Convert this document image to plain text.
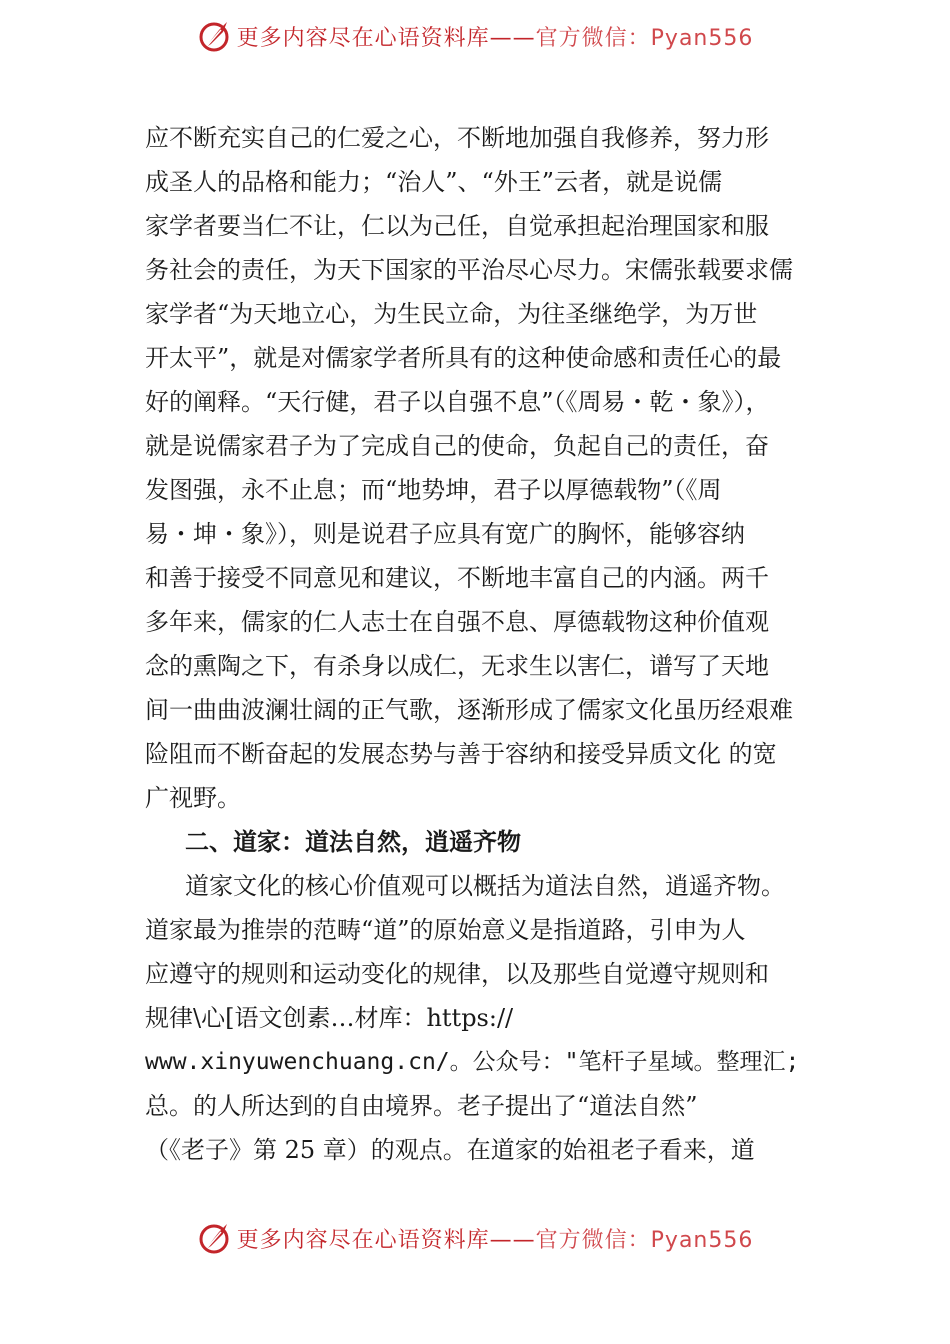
更多内容尽在心语资料库——官方微信：Pyan556
应不断充实自己的仁爱之心，不断地加强自我修养，努力形
成圣人的品格和能力；“治人”、“外王”云者，就是说儒
家学者要当仁不让，仁以为己任，自觉承担起治理国家和服
务社会的责任，为天下国家的平治尽心尽力。宋儒张载要求儒
家学者“为天地立心，为生民立命，为往圣继绝学，为万世
开太平”，就是对儒家学者所具有的这种使命感和责任心的最
好的阐释。“天行健，君子以自强不息”（《周易・乾・象》），
就是说儒家君子为了完成自己的使命，负起自己的责任，奋
发图强，永不止息；而“地势坤，君子以厚德载物”（《周
易・坤・象》），则是说君子应具有宽广的胸怀，能够容纳
和善于接受不同意见和建议，不断地丰富自己的内涵。两千
多年来，儒家的仁人志士在自强不息、厚德载物这种价值观
念的熏陶之下，有杀身以成仁，无求生以害仁，谱写了天地
间一曲曲波澜壮阔的正气歌，逐渐形成了儒家文化虽历经艰难
险阻而不断奋起的发展态势与善于容纳和接受异质文化 的宽
广视野。
二、道家：道法自然，逍遥齐物
道家文化的核心价值观可以概括为道法自然，逍遥齐物。
道家最为推崇的范畴“道”的原始意义是指道路，引申为人
应遵守的规则和运动变化的规律，以及那些自觉遵守规则和
规律\心[语文创素…材库：https://
www.xinyuwenchuang.cn/。公众号："笔杆子星域。整理汇;
总。的人所达到的自由境界。老子提出了“道法自然”
（《老子》第 25 章）的观点。在道家的始祖老子看来，道
更多内容尽在心语资料库——官方微信：Pyan556
